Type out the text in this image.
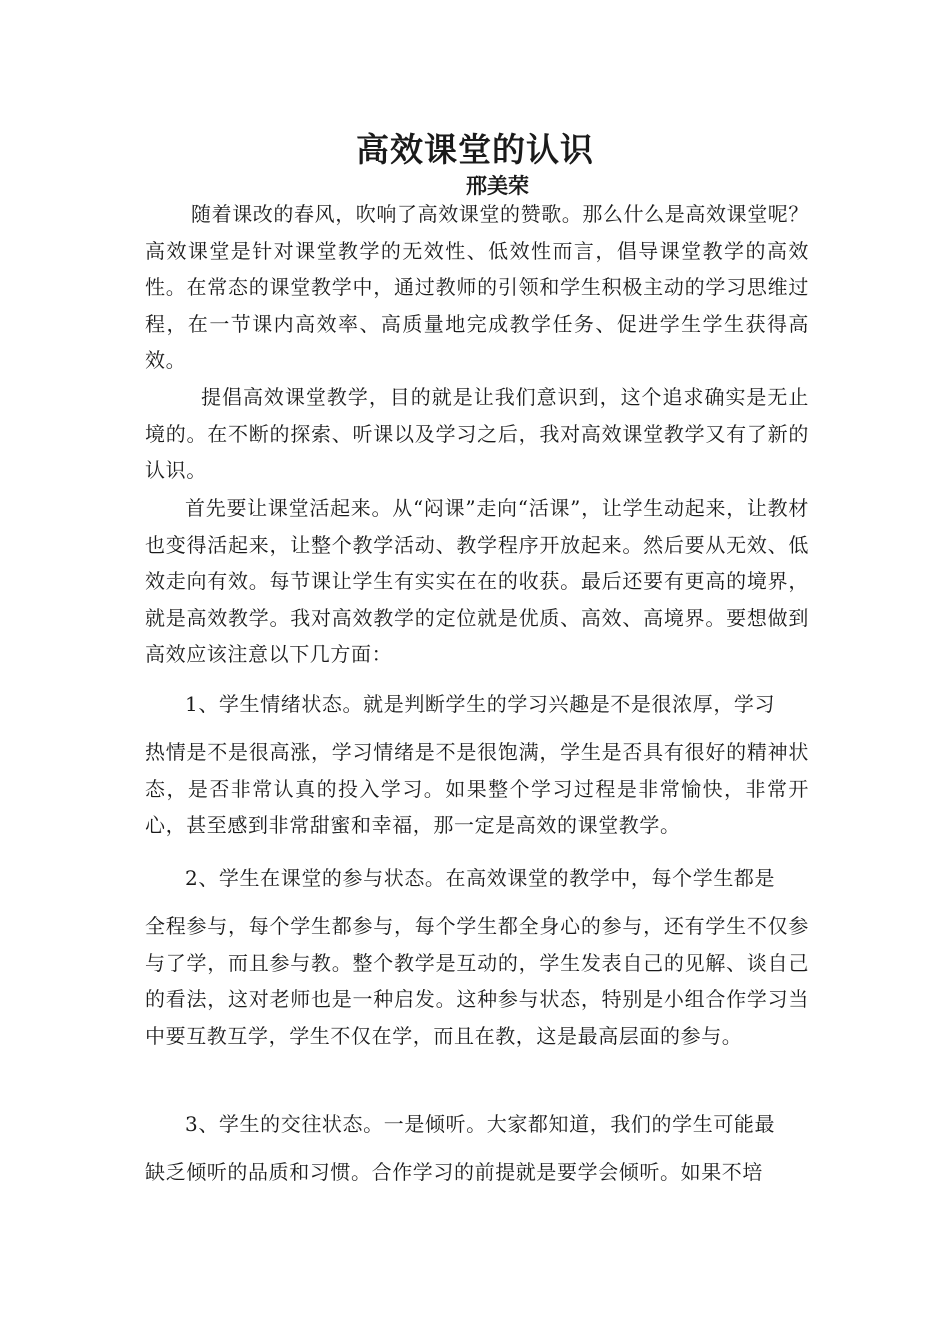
高效课堂的认识
邢美荣

随着课改的春风，吹响了高效课堂的赞歌。那么什么是高效课堂呢？高效课堂是针对课堂教学的无效性、低效性而言，倡导课堂教学的高效性。在常态的课堂教学中，通过教师的引领和学生积极主动的学习思维过程，在一节课内高效率、高质量地完成教学任务、促进学生学生获得高效。

提倡高效课堂教学，目的就是让我们意识到，这个追求确实是无止境的。在不断的探索、听课以及学习之后，我对高效课堂教学又有了新的认识。

首先要让课堂活起来。从“闷课”走向“活课”，让学生动起来，让教材也变得活起来，让整个教学活动、教学程序开放起来。然后要从无效、低效走向有效。每节课让学生有实实在在的收获。最后还要有更高的境界，就是高效教学。我对高效教学的定位就是优质、高效、高境界。要想做到高效应该注意以下几方面：

1、学生情绪状态。就是判断学生的学习兴趣是不是很浓厚，学习
热情是不是很高涨，学习情绪是不是很饱满，学生是否具有很好的精神状态，是否非常认真的投入学习。如果整个学习过程是非常愉快，非常开心，甚至感到非常甜蜜和幸福，那一定是高效的课堂教学。
2、学生在课堂的参与状态。在高效课堂的教学中，每个学生都是
全程参与，每个学生都参与，每个学生都全身心的参与，还有学生不仅参与了学，而且参与教。整个教学是互动的，学生发表自己的见解、谈自己的看法，这对老师也是一种启发。这种参与状态，特别是小组合作学习当中要互教互学，学生不仅在学，而且在教，这是最高层面的参与。
3、学生的交往状态。一是倾听。大家都知道，我们的学生可能最
缺乏倾听的品质和习惯。合作学习的前提就是要学会倾听。如果不培
